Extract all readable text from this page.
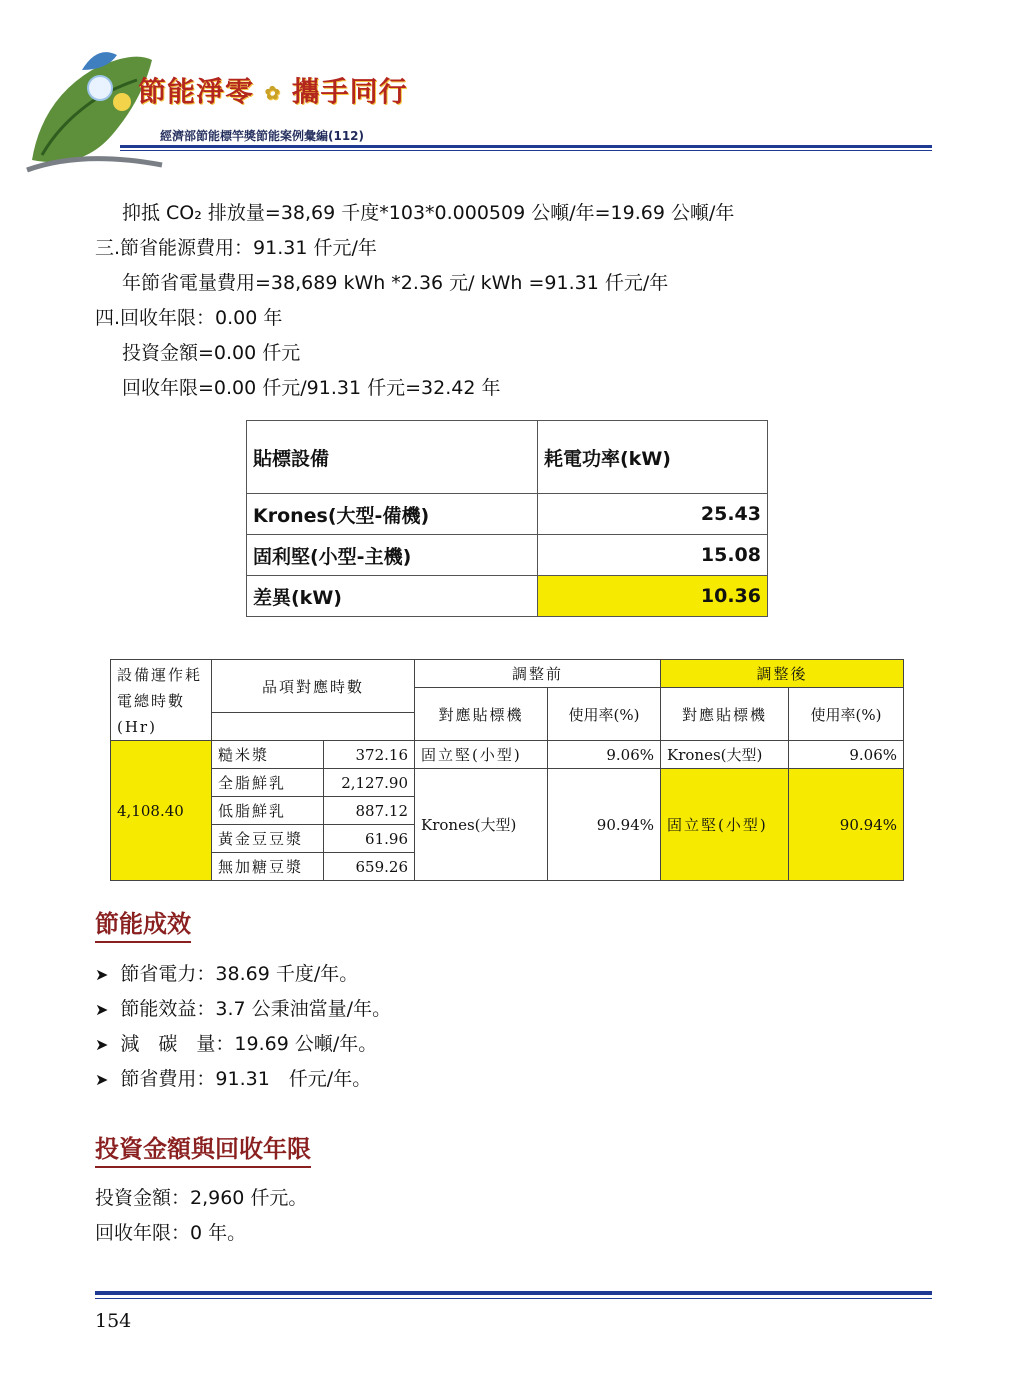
節能淨零 ✿ 攜手同行
經濟部節能標竿獎節能案例彙編(112)
抑抵 CO₂ 排放量=38,69 千度*103*0.000509 公噸/年=19.69 公噸/年
三.節省能源費用：91.31 仟元/年
年節省電量費用=38,689 kWh *2.36 元/ kWh =91.31 仟元/年
四.回收年限：0.00 年
投資金額=0.00 仟元
回收年限=0.00 仟元/91.31 仟元=32.42 年
貼標設備	耗電功率(kW)
Krones(大型-備機)	25.43
固利堅(小型-主機)	15.08
差異(kW)	10.36
設備運作耗電總時數(Hr)	品項對應時數		調整前		調整後	
			對應貼標機	使用率(%)	對應貼標機	使用率(%)

4,108.40	糙米漿	372.16	固立堅(小型)	9.06%	Krones(大型)	9.06%
	全脂鮮乳	2,127.90	Krones(大型)	90.94%	固立堅(小型)	90.94%
	低脂鮮乳	887.12				
	黃金豆豆漿	61.96				
	無加糖豆漿	659.26				
節能成效
➤ 節省電力：38.69 千度/年。
➤ 節能效益：3.7 公秉油當量/年。
➤ 減　碳　量：19.69 公噸/年。
➤ 節省費用：91.31　仟元/年。
投資金額與回收年限
投資金額：2,960 仟元。
回收年限：0 年。
154
